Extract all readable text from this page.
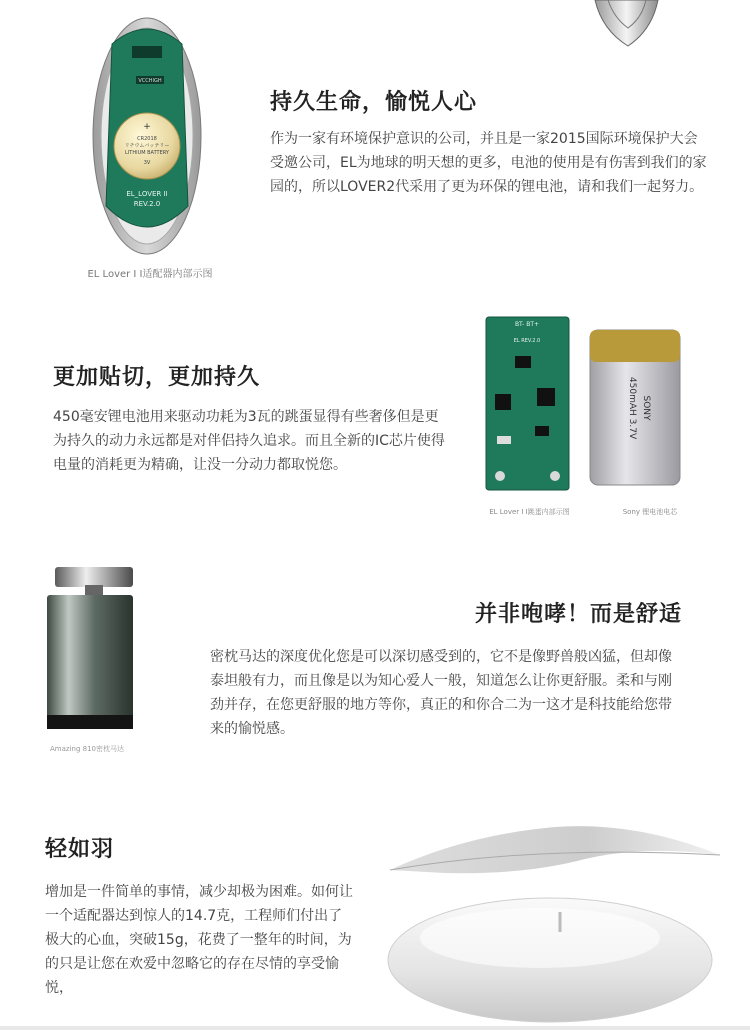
VCCHIGH
+
CR2018
リチウムバッテリー
LITHIUM BATTERY
3V
EL_LOVER II
REV.2.0
EL Lover I I适配器内部示图
持久生命，愉悦人心
作为一家有环境保护意识的公司，并且是一家2015国际环境保护大会受邀公司，EL为地球的明天想的更多，电池的使用是有伤害到我们的家园的，所以LOVER2代采用了更为环保的锂电池，请和我们一起努力。
更加贴切，更加持久
450毫安锂电池用来驱动功耗为3瓦的跳蛋显得有些奢侈但是更为持久的动力永远都是对伴侣持久追求。而且全新的IC芯片使得电量的消耗更为精确，让没一分动力都取悦您。
BT- BT+
EL REV.2.0
SONY
450mAH 3.7V
EL Lover I I跳蛋内部示图	Sony 锂电池电芯
Amazing 810密枕马达
并非咆哮！而是舒适
密枕马达的深度优化您是可以深切感受到的，它不是像野兽般凶猛，但却像泰坦般有力，而且像是以为知心爱人一般，知道怎么让你更舒服。柔和与刚劲并存，在您更舒服的地方等你，真正的和你合二为一这才是科技能给您带来的愉悦感。
轻如羽
增加是一件简单的事情，减少却极为困难。如何让一个适配器达到惊人的14.7克，工程师们付出了极大的心血，突破15g，花费了一整年的时间，为的只是让您在欢爱中忽略它的存在尽情的享受愉悦，
